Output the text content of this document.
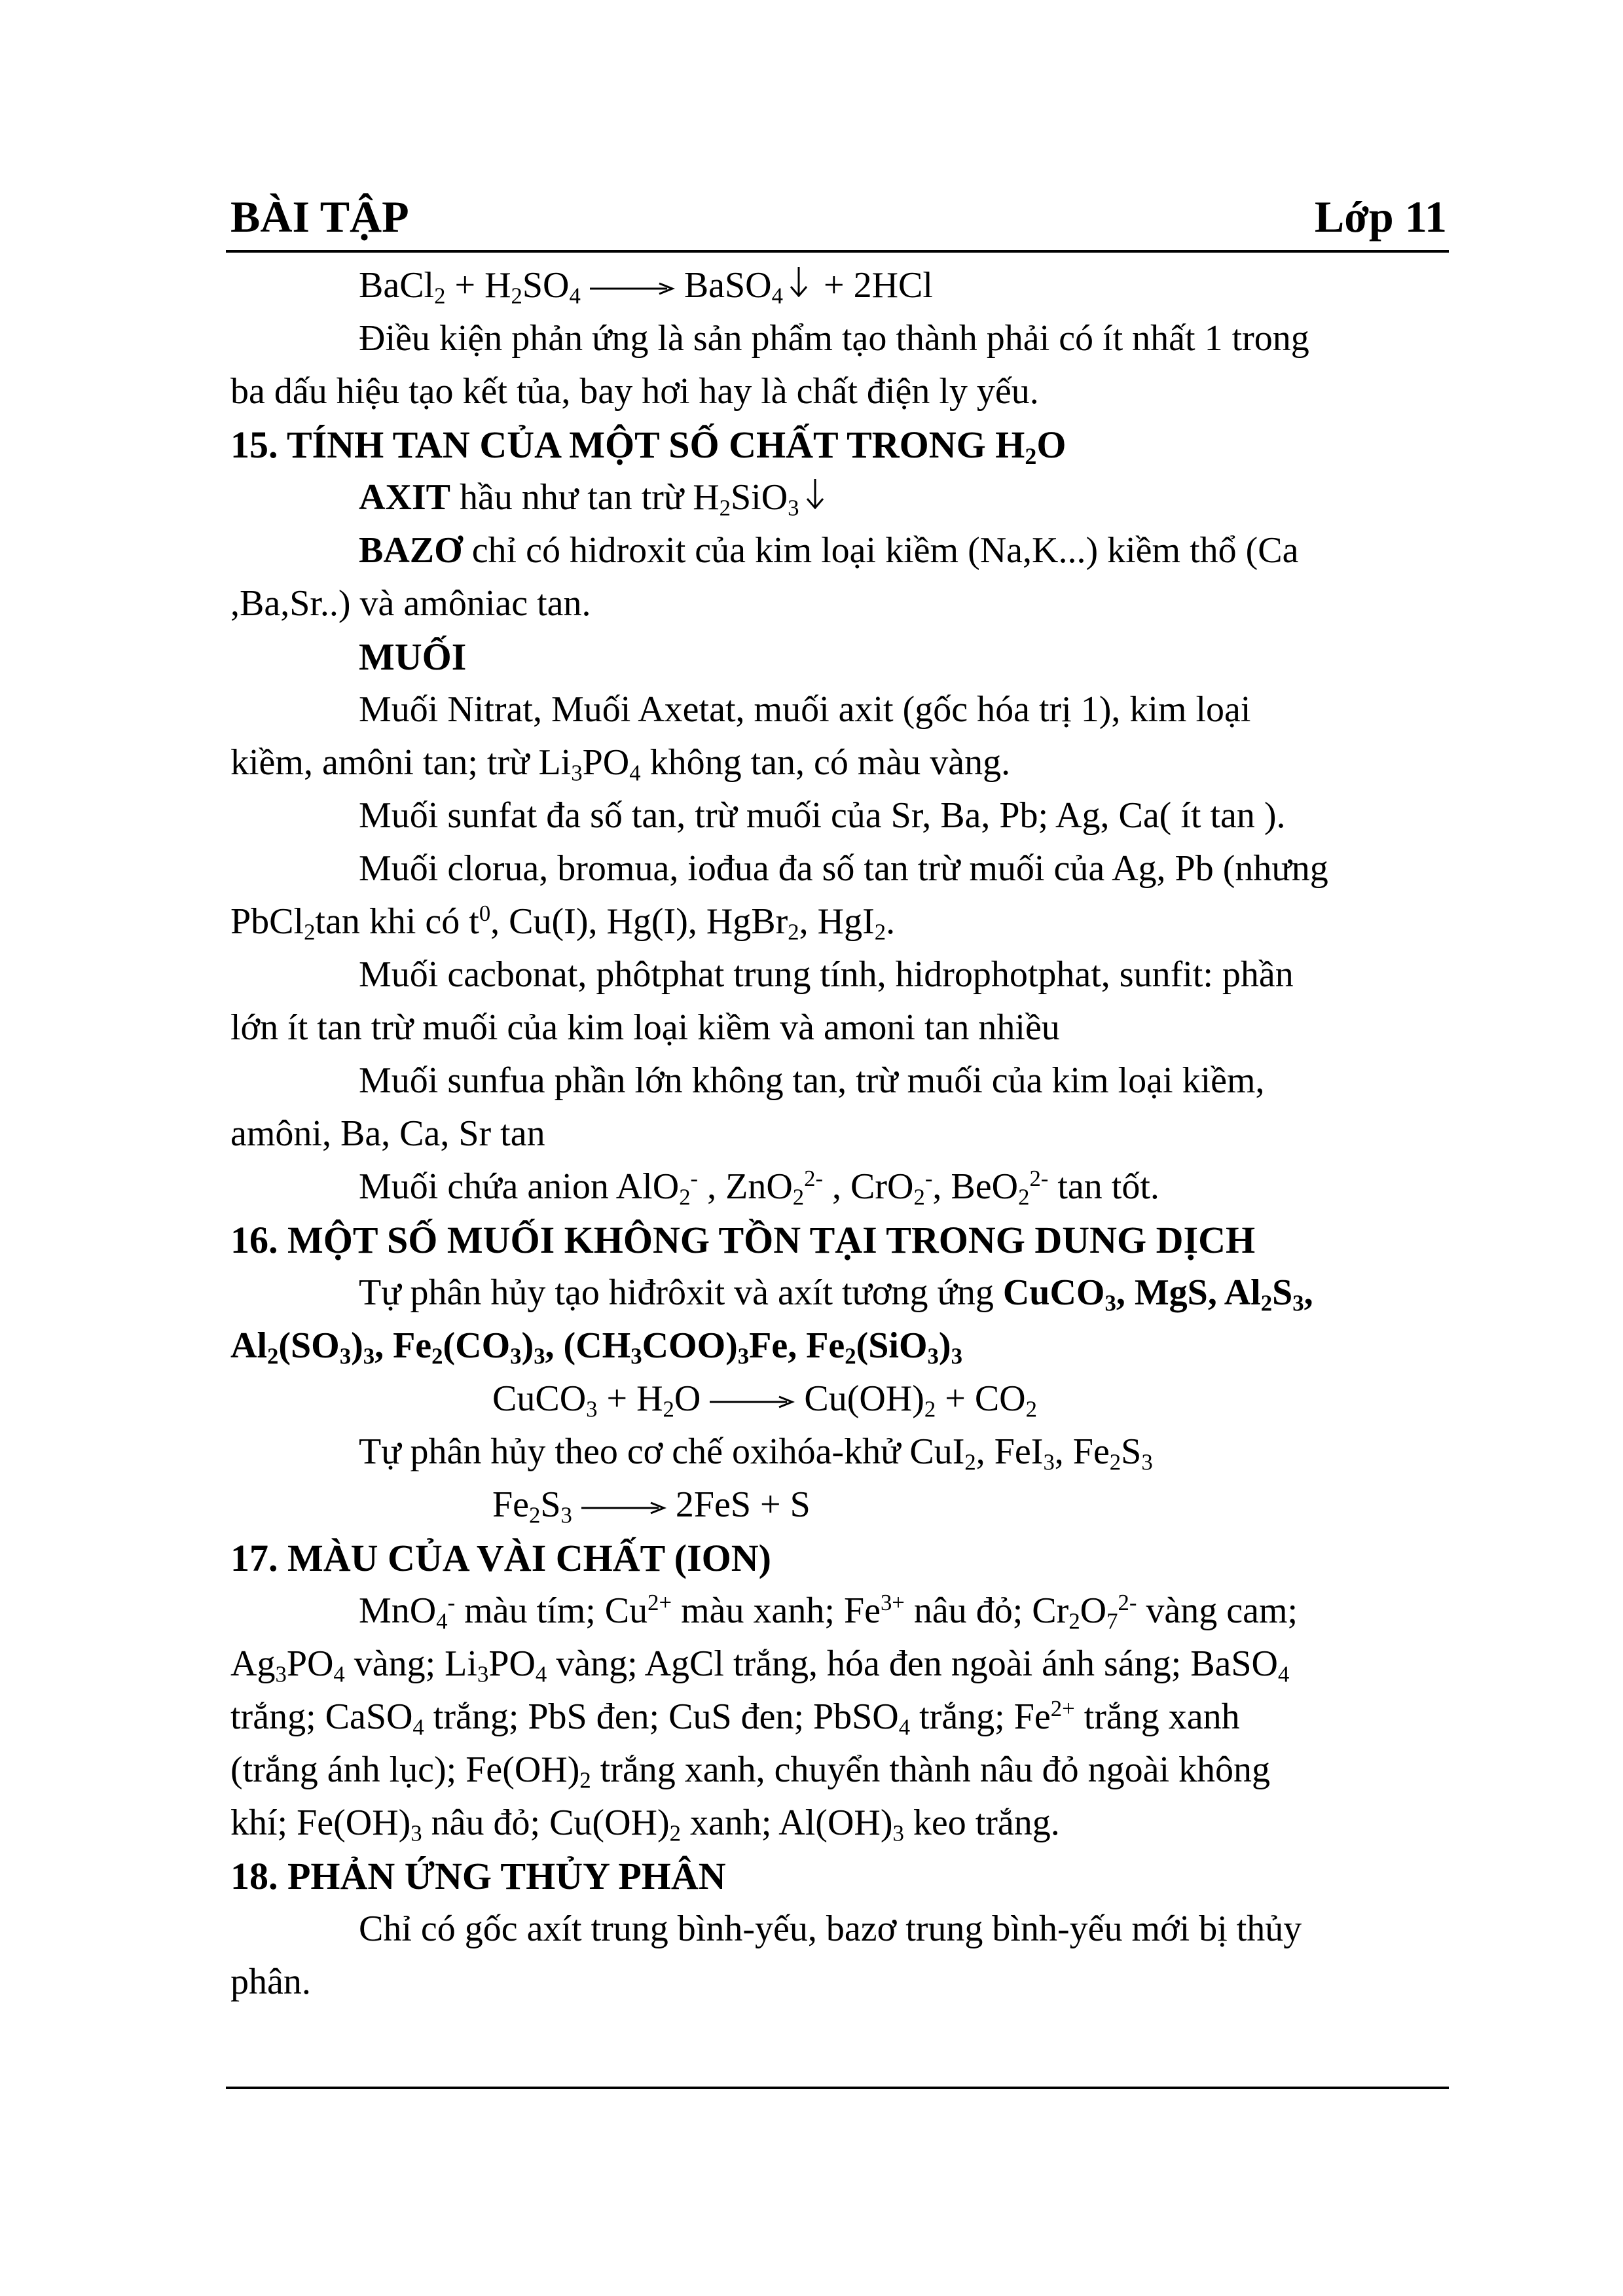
BÀI TẬP	Lớp 11
BaCl$_2$ + $H_2SO_4$	BaSO$_4$ + 2HCl
Điều kiện phản ứng là sản phẩm tạo thành phải có ít nhất 1 trong
ba dấu hiệu tạo kết tủa, bay hơi hay là chất điện ly yếu.
15. TÍNH TAN CỦA MỘT SỐ CHẤT TRONG $H_2O$
AXIT hầu như tan trừ $H_2SiO_3$
BAZƠ chỉ có hidroxit của kim loại kiềm (Na,K...) kiềm thổ (Ca
,Ba,Sr..) và amôniac tan.
MUỐI
Muối Nitrat, Muối Axetat, muối axit (gốc hóa trị 1), kim loại
kiềm, amôni tan; trừ $Li_3PO_4$ không tan, có màu vàng.
Muối sunfat đa số tan, trừ muối của Sr, Ba, Pb; Ag, Ca( ít tan ).
Muối clorua, bromua, iođua đa số tan trừ muối của Ag, Pb (nhưng
PbCl$_2$tan khi có $t^0$, Cu(I), Hg(I), HgBr$_2$, HgI$_2$.
Muối cacbonat, phôtphat trung tính, hidrophotphat, sunfit: phần
lớn ít tan trừ muối của kim loại kiềm và amoni tan nhiều
Muối sunfua phần lớn không tan, trừ muối của kim loại kiềm,
amôni, Ba, Ca, Sr tan
Muối chứa anion AlO$_2$- , ZnO$_2^{2-}$ , CrO$_2$-, BeO$_2^{2-}$ tan tốt.
16. MỘT SỐ MUỐI KHÔNG TỒN TẠI TRONG DUNG DỊCH
Tự phân hủy tạo hiđrôxit và axít tương ứng CuCO$_3$, MgS, $Al_2S_3$,
$Al_2(SO_3)_3$, $Fe_2(CO_3)_3$, $(CH_3COO)_3Fe$, $Fe_2(SiO_3)_3$
CuCO$_3$ + $H_2O$	$Cu(OH)_2 + CO_2$
Tự phân hủy theo cơ chế oxihóa-khử CuI$_2$, FeI$_3$, $Fe_2S_3$
$Fe_2S_3$	2FeS + S
17. MÀU CỦA VÀI CHẤT (ION)
MnO$_4$- màu tím; $Cu^{2+}$ màu xanh; $Fe^{3+}$ nâu đỏ; $Cr_2O_7^{2-}$ vàng cam;
$Ag_3PO_4$ vàng; $Li_3PO_4$ vàng; AgCl trắng, hóa đen ngoài ánh sáng; BaSO$_4$
trắng; CaSO$_4$ trắng; PbS đen; CuS đen; PbSO$_4$ trắng; $Fe^{2+}$ trắng xanh
(trắng ánh lục); $Fe(OH)_2$ trắng xanh, chuyển thành nâu đỏ ngoài không
khí; $Fe(OH)_3$ nâu đỏ; $Cu(OH)_2$ xanh; $Al(OH)_3$ keo trắng.
18. PHẢN ỨNG THỦY PHÂN
Chỉ có gốc axít trung bình-yếu, bazơ trung bình-yếu mới bị thủy
phân.
